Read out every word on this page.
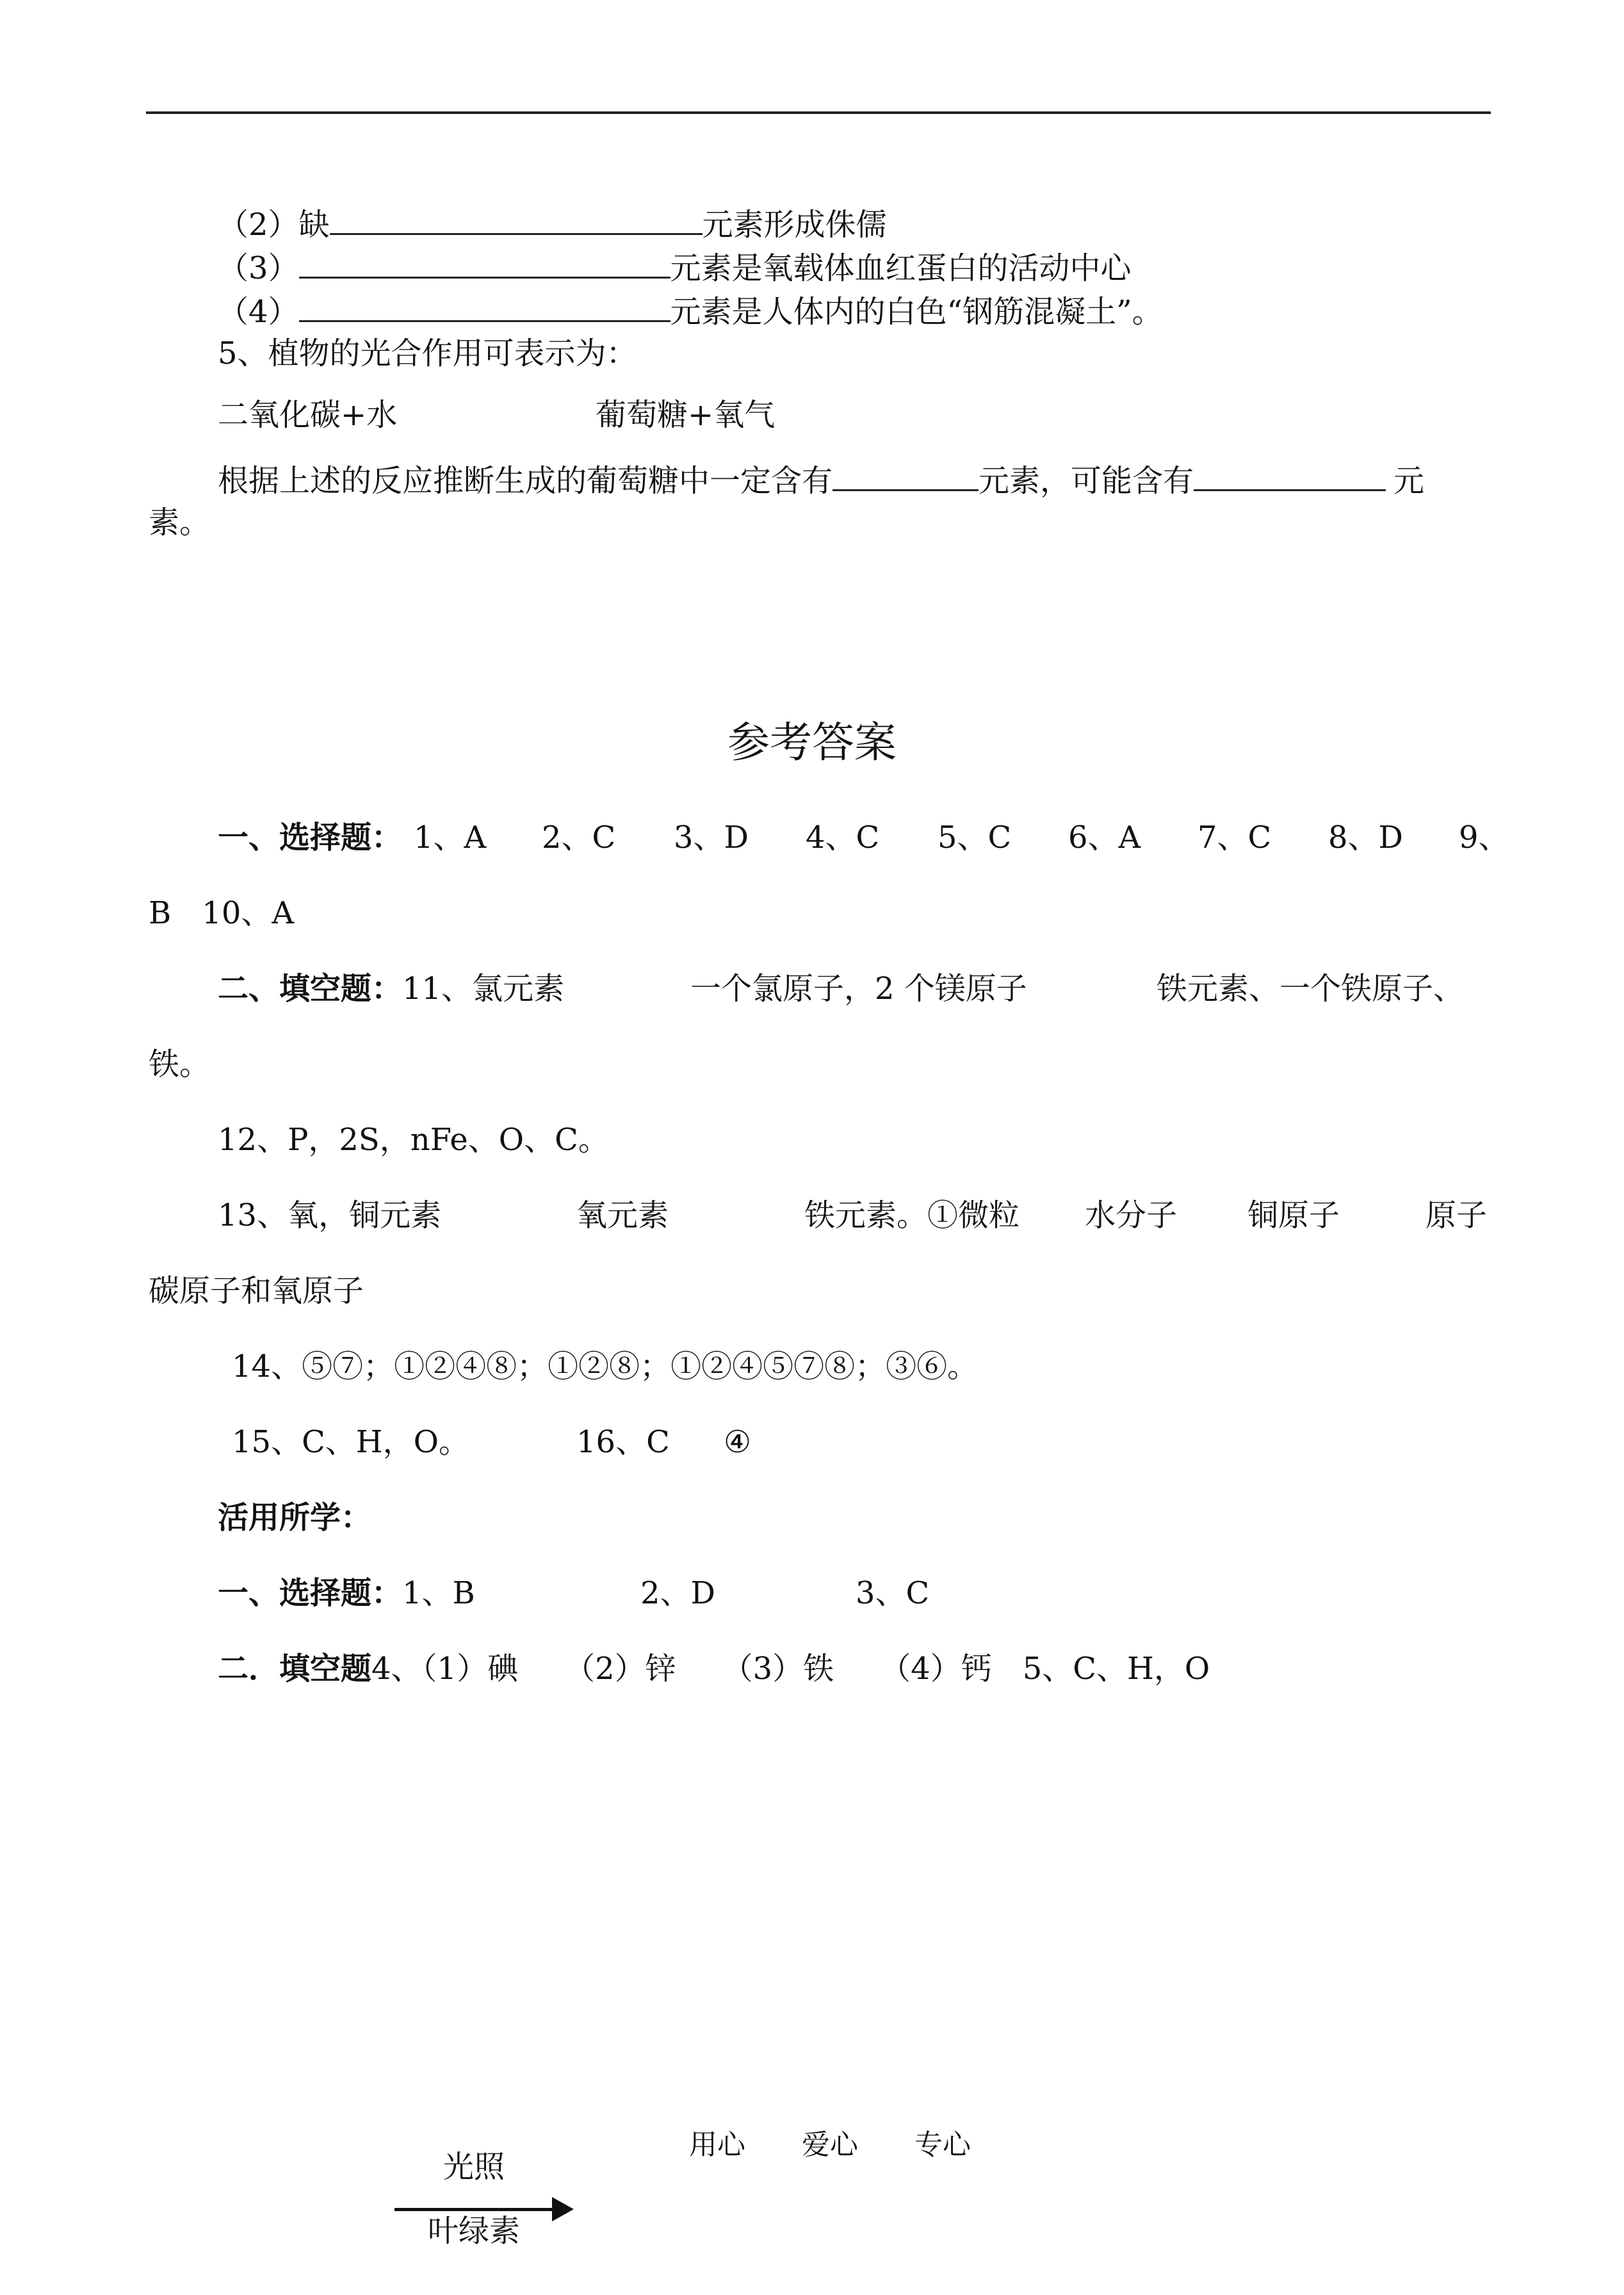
（2）缺	元素形成侏儒
（3）	元素是氧载体血红蛋白的活动中心
（4）	元素是人体内的白色“钢筋混凝土”。
5、植物的光合作用可表示为：
二氧化碳+水	葡萄糖+氧气
根据上述的反应推断生成的葡萄糖中一定含有	元素，可能含有	元
素。
参考答案
一、选择题： 1、A 2、C 3、D 4、C 5、C 6、A 7、C 8、D 9、
B　10、A
二、填空题：11、氯元素	一个氯原子，2 个镁原子	铁元素、一个铁原子、
铁。
12、P，2S，nFe、O、C。
13、氧，铜元素	氧元素	铁元素。①微粒 水分子 铜原子	原子
碳原子和氧原子
14、⑤⑦；①②④⑧；①②⑧；①②④⑤⑦⑧；③⑥。
15、C、H，O。	16、C ④
活用所学：
一、选择题：1、B	2、D	3、C
二．填空题4、（1）碘　　（2）锌　　（3）铁　　（4）钙　5、C、H，O
用心　　爱心　　专心
光照
叶绿素
